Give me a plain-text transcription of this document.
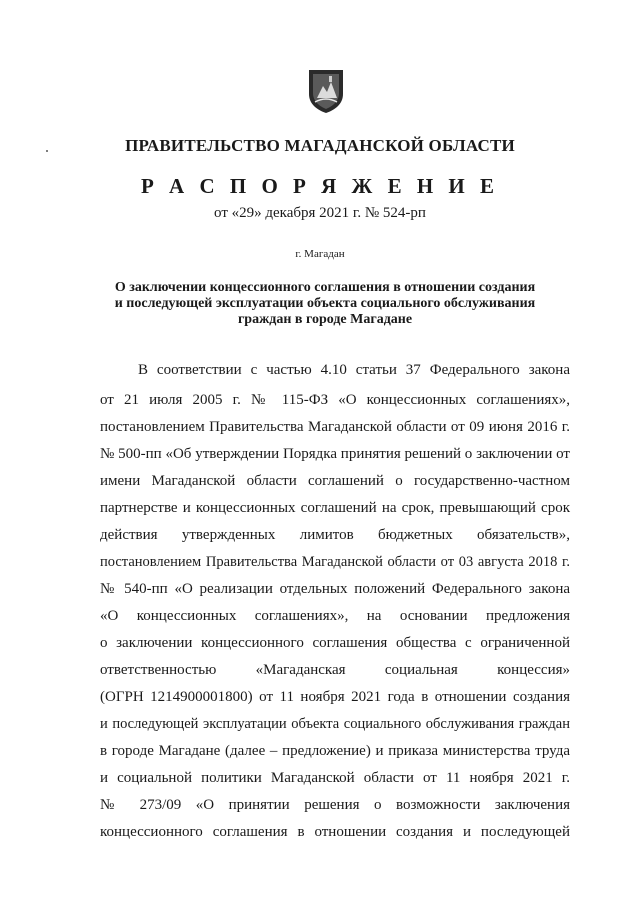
ПРАВИТЕЛЬСТВО МАГАДАНСКОЙ ОБЛАСТИ
Р А С П О Р Я Ж Е Н И Е
от «29» декабря 2021 г. № 524-рп
г. Магадан
О заключении концессионного соглашения в отношении создания
и последующей эксплуатации объекта социального обслуживания
граждан в городе Магадане
В соответствии с частью 4.10 статьи 37 Федерального закона
от 21 июля 2005 г. № 115-ФЗ «О концессионных соглашениях»,
постановлением Правительства Магаданской области от 09 июня 2016 г.
№ 500-пп «Об утверждении Порядка принятия решений о заключении от
имени Магаданской области соглашений о государственно-частном
партнерстве и концессионных соглашений на срок, превышающий срок
действия утвержденных лимитов бюджетных обязательств»,
постановлением Правительства Магаданской области от 03 августа 2018 г.
№ 540-пп «О реализации отдельных положений Федерального закона
«О концессионных соглашениях», на основании предложения
о заключении концессионного соглашения общества с ограниченной
ответственностью «Магаданская социальная концессия»
(ОГРН 1214900001800) от 11 ноября 2021 года в отношении создания
и последующей эксплуатации объекта социального обслуживания граждан
в городе Магадане (далее – предложение) и приказа министерства труда
и социальной политики Магаданской области от 11 ноября 2021 г.
№ 273/09 «О принятии решения о возможности заключения
концессионного соглашения в отношении создания и последующей
